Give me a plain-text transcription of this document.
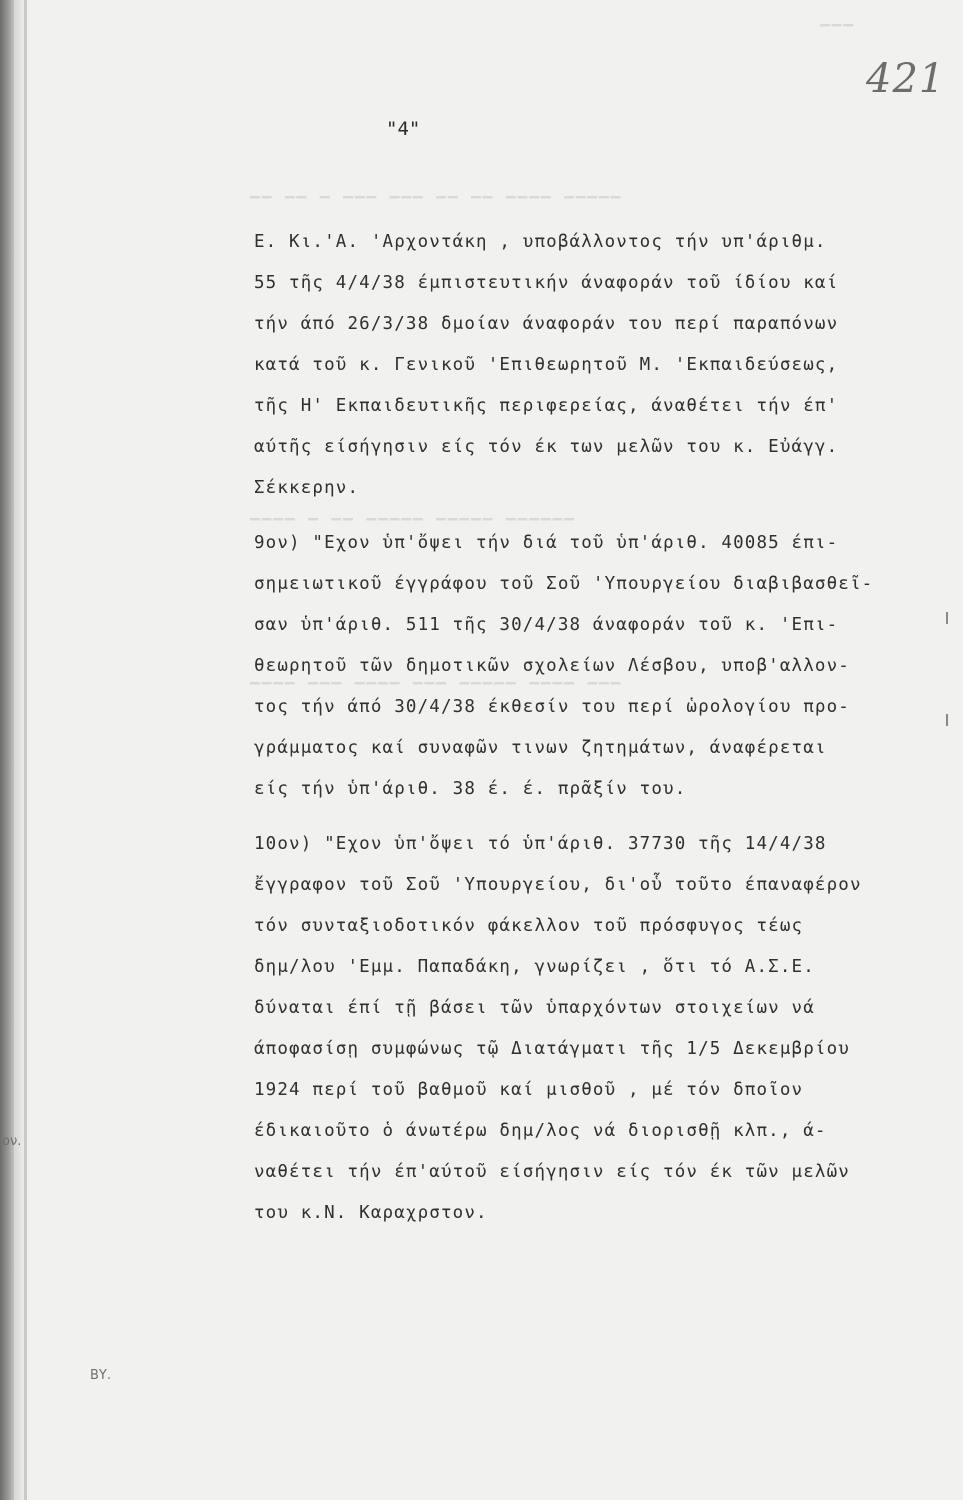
▔▔ ▔▔ ▔ ▔▔▔ ▔▔▔ ▔▔ ▔▔ ▔▔▔▔ ▔▔▔▔▔
▔▔▔▔ ▔ ▔▔ ▔▔▔▔▔ ▔▔▔▔▔ ▔▔▔▔▔▔
▔▔▔▔ ▔▔▔ ▔▔▔▔ ▔▔▔ ▔▔▔▔▔ ▔▔▔▔ ▔▔▔
▔▔▔
ον.
ΒΥ.
421
"4"
Ε. Κι.'Α. 'Αρχοντάκη , υποβάλλοντος τήν υπ'άριθμ.
55 τῆς 4/4/38 έμπιστευτικήν άναφοράν τοῦ ίδίου καί
τήν άπό 26/3/38 δμοίαν άναφοράν του περί παραπόνων
κατά τοῦ κ. Γενικοῦ 'Επιθεωρητοῦ Μ. 'Εκπαιδεύσεως,
τῆς Η' Εκπαιδευτικῆς περιφερείας, άναθέτει τήν έπ'
αύτῆς είσήγησιν είς τόν έκ των μελῶν του κ. Εὐάγγ.
Σέκκερην.
9ον) "Εχον ὑπ'ὄψει τήν διά τοῦ ὑπ'άριθ. 40085 έπι-
σημειωτικοῦ έγγράφου τοῦ Σοῦ 'Υπουργείου διαβιβασθεῖ-
σαν ὑπ'άριθ. 511 τῆς 30/4/38 άναφοράν τοῦ κ. 'Επι-
θεωρητοῦ τῶν δημοτικῶν σχολείων Λέσβου, υποβ'αλλον-
τος τήν άπό 30/4/38 έκθεσίν του περί ὡρολογίου προ-
γράμματος καί συναφῶν τινων ζητημάτων, άναφέρεται
είς τήν ὑπ'άριθ. 38 έ. έ. πρᾶξίν του.
10ον) "Εχον ὑπ'ὄψει τό ὑπ'άριθ. 37730 τῆς 14/4/38
ἔγγραφον τοῦ Σοῦ 'Υπουργείου, δι'οὗ τοῦτο έπαναφέρον
τόν συνταξιοδοτικόν φάκελλον τοῦ πρόσφυγος τέως
δημ/λου 'Εμμ. Παπαδάκη, γνωρίζει , ὅτι τό Α.Σ.Ε.
δύναται έπί τῇ βάσει τῶν ὑπαρχόντων στοιχείων νά
άποφασίσῃ συμφώνως τῷ Διατάγματι τῆς 1/5 Δεκεμβρίου
1924 περί τοῦ βαθμοῦ καί μισθοῦ , μέ τόν δποῖον
έδικαιοῦτο ὁ άνωτέρω δημ/λος νά διορισθῇ κλπ., ά-
ναθέτει τήν έπ'αύτοῦ είσήγησιν είς τόν έκ τῶν μελῶν
του κ.Ν. Καραχρστον.
